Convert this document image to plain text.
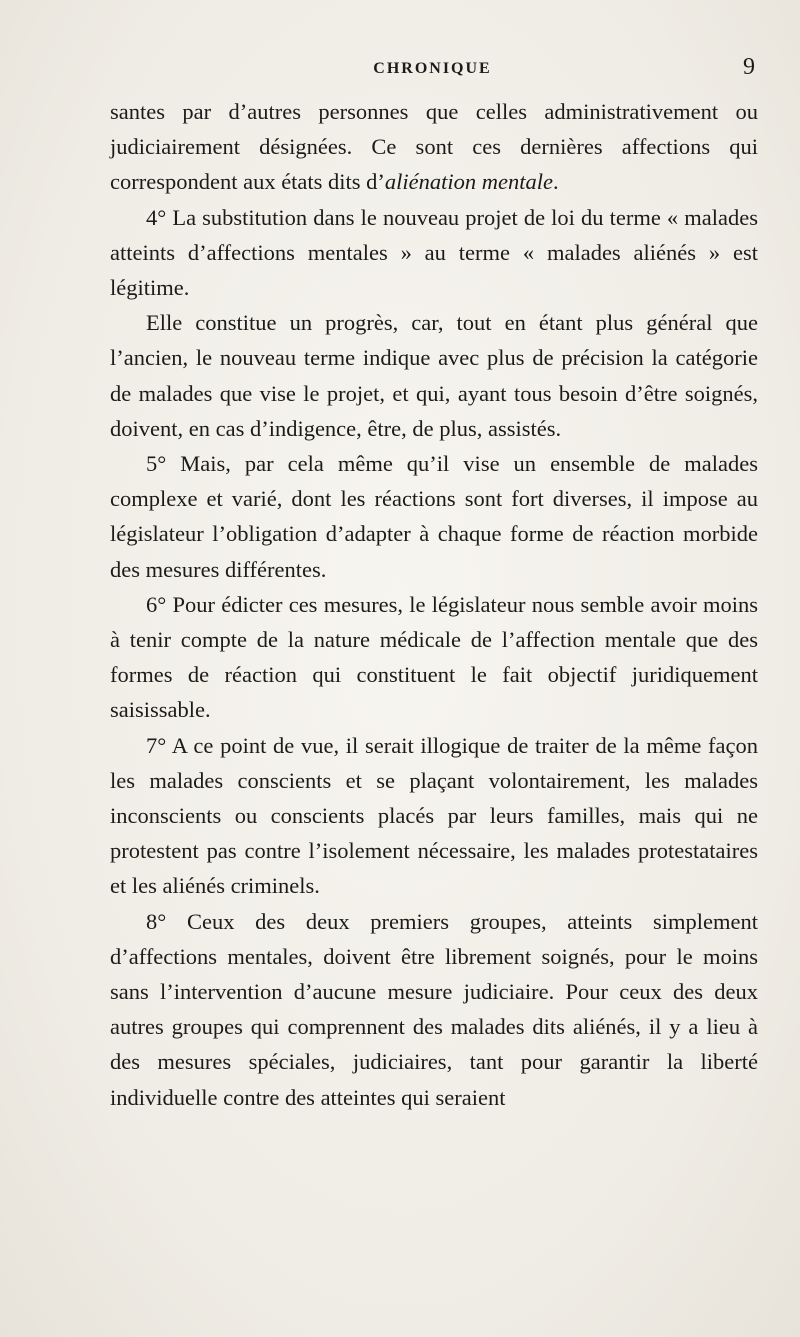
CHRONIQUE	9

santes par d’autres personnes que celles administrativement ou judiciairement désignées. Ce sont ces dernières affections qui correspondent aux états dits d’aliénation mentale.

4° La substitution dans le nouveau projet de loi du terme « malades atteints d’affections mentales » au terme « malades aliénés » est légitime.

Elle constitue un progrès, car, tout en étant plus général que l’ancien, le nouveau terme indique avec plus de précision la catégorie de malades que vise le projet, et qui, ayant tous besoin d’être soignés, doivent, en cas d’indigence, être, de plus, assistés.

5° Mais, par cela même qu’il vise un ensemble de malades complexe et varié, dont les réactions sont fort diverses, il impose au législateur l’obligation d’adapter à chaque forme de réaction morbide des mesures différentes.

6° Pour édicter ces mesures, le législateur nous semble avoir moins à tenir compte de la nature médicale de l’affection mentale que des formes de réaction qui constituent le fait objectif juridiquement saisissable.

7° A ce point de vue, il serait illogique de traiter de la même façon les malades conscients et se plaçant volontairement, les malades inconscients ou conscients placés par leurs familles, mais qui ne protestent pas contre l’isolement nécessaire, les malades protestataires et les aliénés criminels.

8° Ceux des deux premiers groupes, atteints simplement d’affections mentales, doivent être librement soignés, pour le moins sans l’intervention d’aucune mesure judiciaire. Pour ceux des deux autres groupes qui comprennent des malades dits aliénés, il y a lieu à des mesures spéciales, judiciaires, tant pour garantir la liberté individuelle contre des atteintes qui seraient
